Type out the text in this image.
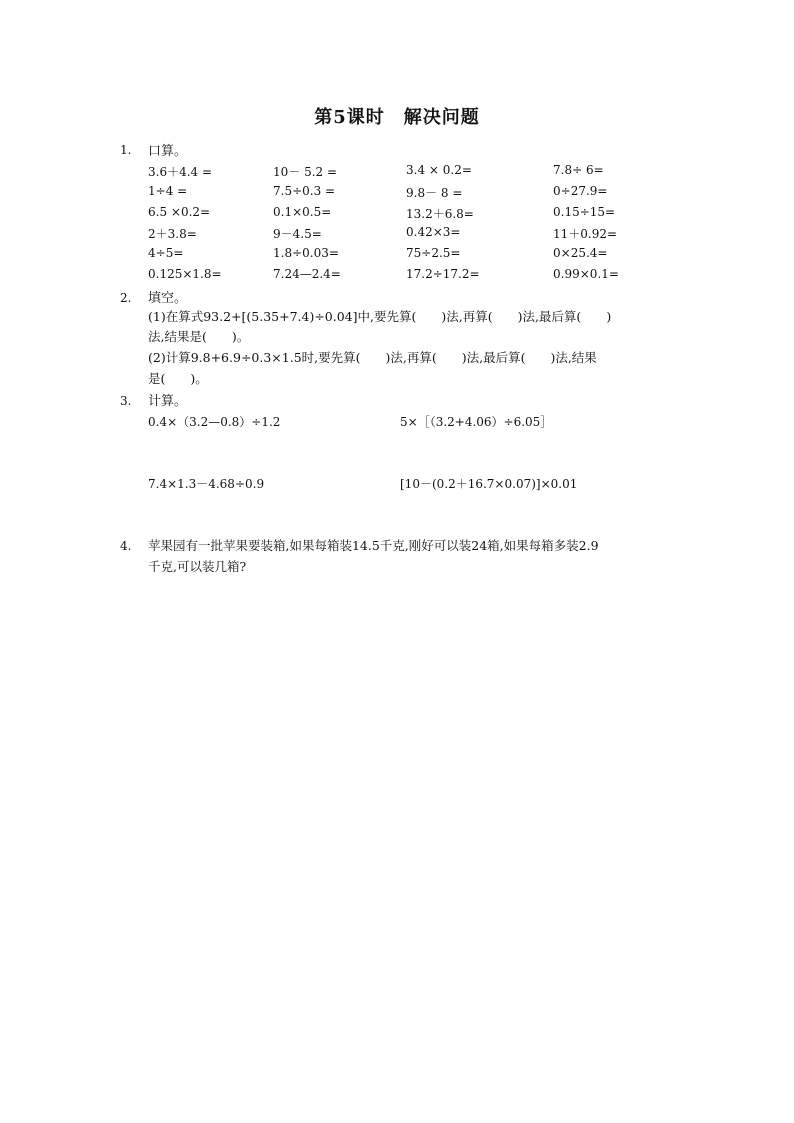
第5课时　解决问题
1. 口算。
3.6＋4.4 =	10－ 5.2 =	3.4 × 0.2=	7.8÷ 6=
1÷4 =	7.5÷0.3 =	9.8－ 8 =	0÷27.9=
6.5 ×0.2=	0.1×0.5=	13.2＋6.8=	0.15÷15=
2＋3.8=	9－4.5=	0.42×3=	11＋0.92=
4÷5=	1.8÷0.03=	75÷2.5=	0×25.4=
0.125×1.8=	7.24—2.4=	17.2÷17.2=	0.99×0.1=
2. 填空。
(1)在算式93.2+[(5.35+7.4)÷0.04]中,要先算(　　)法,再算(　　)法,最后算(　　)
法,结果是(　　)。
(2)计算9.8+6.9÷0.3×1.5时,要先算(　　)法,再算(　　)法,最后算(　　)法,结果
是(　　)。
3. 计算。
0.4×（3.2—0.8）÷1.2	5×［（3.2+4.06）÷6.05］
7.4×1.3－4.68÷0.9	[10－(0.2＋16.7×0.07)]×0.01
4. 苹果园有一批苹果要装箱,如果每箱装14.5千克,刚好可以装24箱,如果每箱多装2.9
千克,可以装几箱?
